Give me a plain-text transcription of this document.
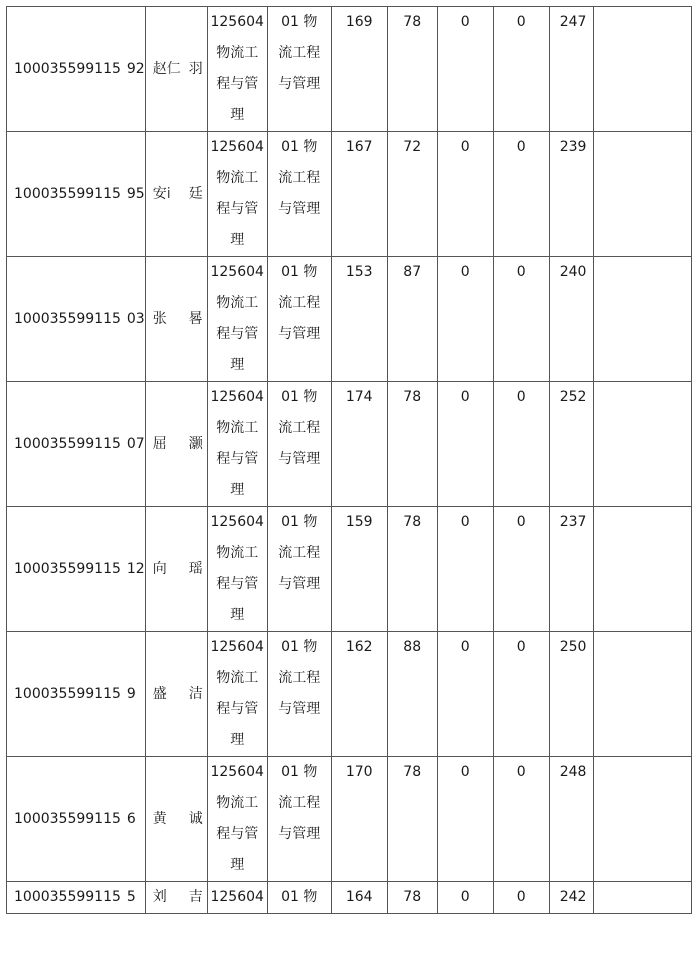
100035599115 92	赵 仁 羽	125604
物流工
程与管
理	01 物
流工程
与管理	169	78	0	0	247	
100035599115 95	安 i 廷	125604
物流工
程与管
理	01 物
流工程
与管理	167	72	0	0	239	
100035599115 03	张 晷	125604
物流工
程与管
理	01 物
流工程
与管理	153	87	0	0	240	
100035599115 07	屈 灏	125604
物流工
程与管
理	01 物
流工程
与管理	174	78	0	0	252	
100035599115 12	向 瑶	125604
物流工
程与管
理	01 物
流工程
与管理	159	78	0	0	237	
100035599115 9	盛 洁	125604
物流工
程与管
理	01 物
流工程
与管理	162	88	0	0	250	
100035599115 6	黄 诚	125604
物流工
程与管
理	01 物
流工程
与管理	170	78	0	0	248	
100035599115 5	刘 吉	125604	01 物	164	78	0	0	242	
